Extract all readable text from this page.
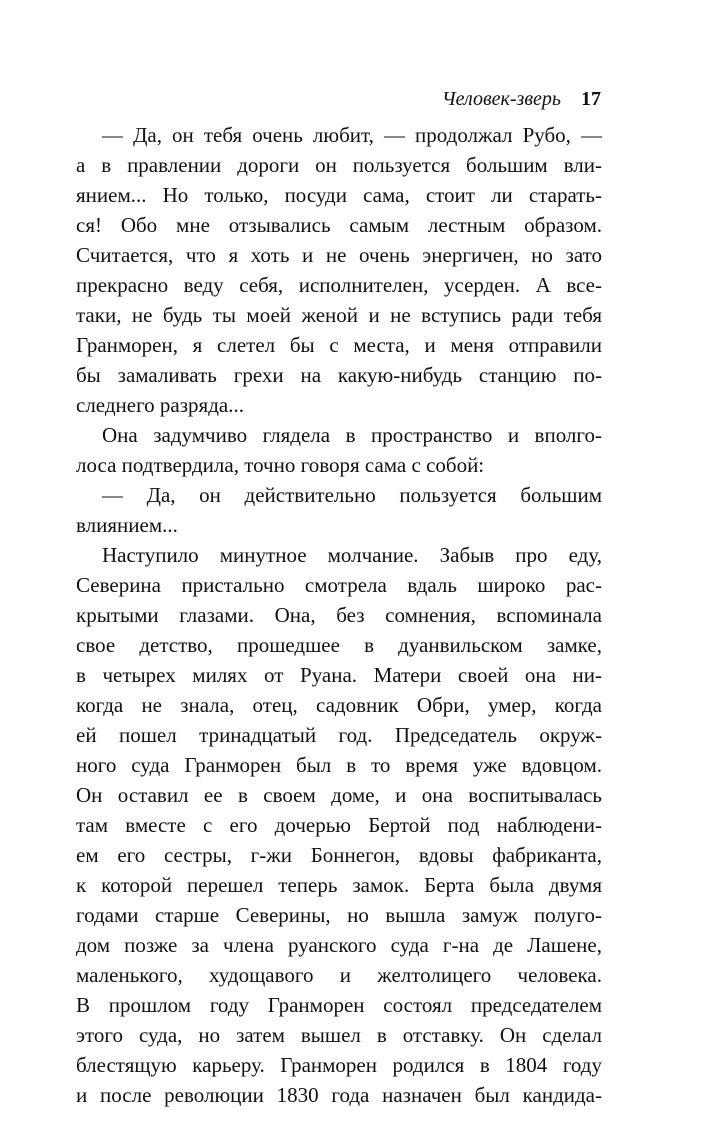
Человек-зверь 17
— Да, он тебя очень любит, — продолжал Рубо, —
а в правлении дороги он пользуется большим вли-
янием... Но только, посуди сама, стоит ли старать-
ся! Обо мне отзывались самым лестным образом.
Считается, что я хоть и не очень энергичен, но зато
прекрасно веду себя, исполнителен, усерден. А все-
таки, не будь ты моей женой и не вступись ради тебя
Гранморен, я слетел бы с места, и меня отправили
бы замаливать грехи на какую-нибудь станцию по-
следнего разряда...
Она задумчиво глядела в пространство и вполго-
лоса подтвердила, точно говоря сама с собой:
— Да, он действительно пользуется большим
влиянием...
Наступило минутное молчание. Забыв про еду,
Северина пристально смотрела вдаль широко рас-
крытыми глазами. Она, без сомнения, вспоминала
свое детство, прошедшее в дуанвильском замке,
в четырех милях от Руана. Матери своей она ни-
когда не знала, отец, садовник Обри, умер, когда
ей пошел тринадцатый год. Председатель окруж-
ного суда Гранморен был в то время уже вдовцом.
Он оставил ее в своем доме, и она воспитывалась
там вместе с его дочерью Бертой под наблюдени-
ем его сестры, г-жи Боннегон, вдовы фабриканта,
к которой перешел теперь замок. Берта была двумя
годами старше Северины, но вышла замуж полуго-
дом позже за члена руанского суда г-на де Лашене,
маленького, худощавого и желтолицего человека.
В прошлом году Гранморен состоял председателем
этого суда, но затем вышел в отставку. Он сделал
блестящую карьеру. Гранморен родился в 1804 году
и после революции 1830 года назначен был кандида-
